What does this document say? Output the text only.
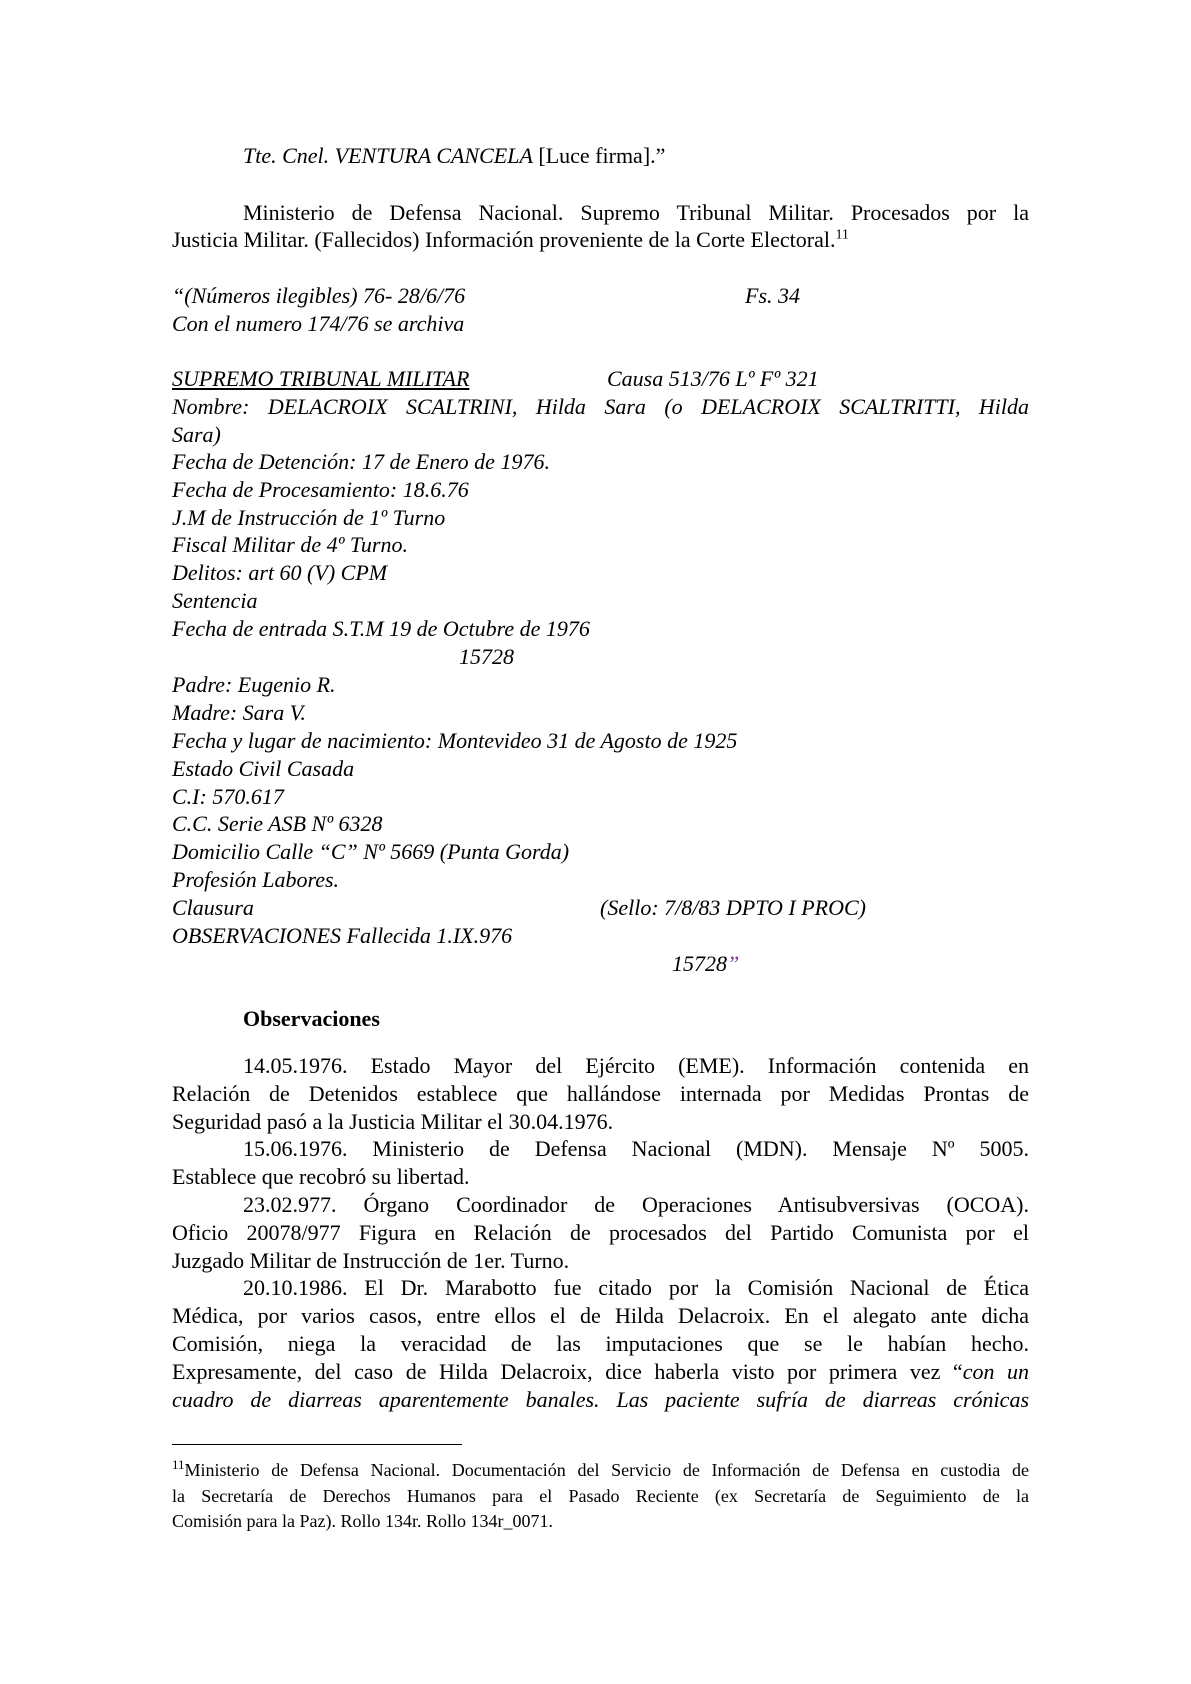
Tte. Cnel. VENTURA CANCELA [Luce firma].”
Ministerio de Defensa Nacional. Supremo Tribunal Militar. Procesados por la
Justicia Militar. (Fallecidos) Información proveniente de la Corte Electoral.$^{11}$
“(Números ilegibles) 76- 28/6/76	Fs. 34
Con el numero 174/76 se archiva
SUPREMO TRIBUNAL MILITAR	Causa 513/76 Lº Fº 321
Nombre: DELACROIX SCALTRINI, Hilda Sara (o DELACROIX SCALTRITTI, Hilda
Sara)
Fecha de Detención: 17 de Enero de 1976.
Fecha de Procesamiento: 18.6.76
J.M de Instrucción de 1º Turno
Fiscal Militar de 4º Turno.
Delitos: art 60 (V) CPM
Sentencia
Fecha de entrada S.T.M 19 de Octubre de 1976
15728
Padre: Eugenio R.
Madre: Sara V.
Fecha y lugar de nacimiento: Montevideo 31 de Agosto de 1925
Estado Civil Casada
C.I: 570.617
C.C. Serie ASB Nº 6328
Domicilio Calle “C” Nº 5669 (Punta Gorda)
Profesión Labores.
Clausura	(Sello: 7/8/83 DPTO I PROC)
OBSERVACIONES Fallecida 1.IX.976
15728”
Observaciones
14.05.1976. Estado Mayor del Ejército (EME). Información contenida en
Relación de Detenidos establece que hallándose internada por Medidas Prontas de
Seguridad pasó a la Justicia Militar el 30.04.1976.
15.06.1976. Ministerio de Defensa Nacional (MDN). Mensaje Nº 5005.
Establece que recobró su libertad.
23.02.977. Órgano Coordinador de Operaciones Antisubversivas (OCOA).
Oficio 20078/977 Figura en Relación de procesados del Partido Comunista por el
Juzgado Militar de Instrucción de 1er. Turno.
20.10.1986. El Dr. Marabotto fue citado por la Comisión Nacional de Ética
Médica, por varios casos, entre ellos el de Hilda Delacroix. En el alegato ante dicha
Comisión, niega la veracidad de las imputaciones que se le habían hecho.
Expresamente, del caso de Hilda Delacroix, dice haberla visto por primera vez “con un
cuadro de diarreas aparentemente banales. Las paciente sufría de diarreas crónicas
$^{11}$Ministerio de Defensa Nacional. Documentación del Servicio de Información de Defensa en custodia de
la Secretaría de Derechos Humanos para el Pasado Reciente (ex Secretaría de Seguimiento de la
Comisión para la Paz). Rollo 134r. Rollo 134r_0071.
